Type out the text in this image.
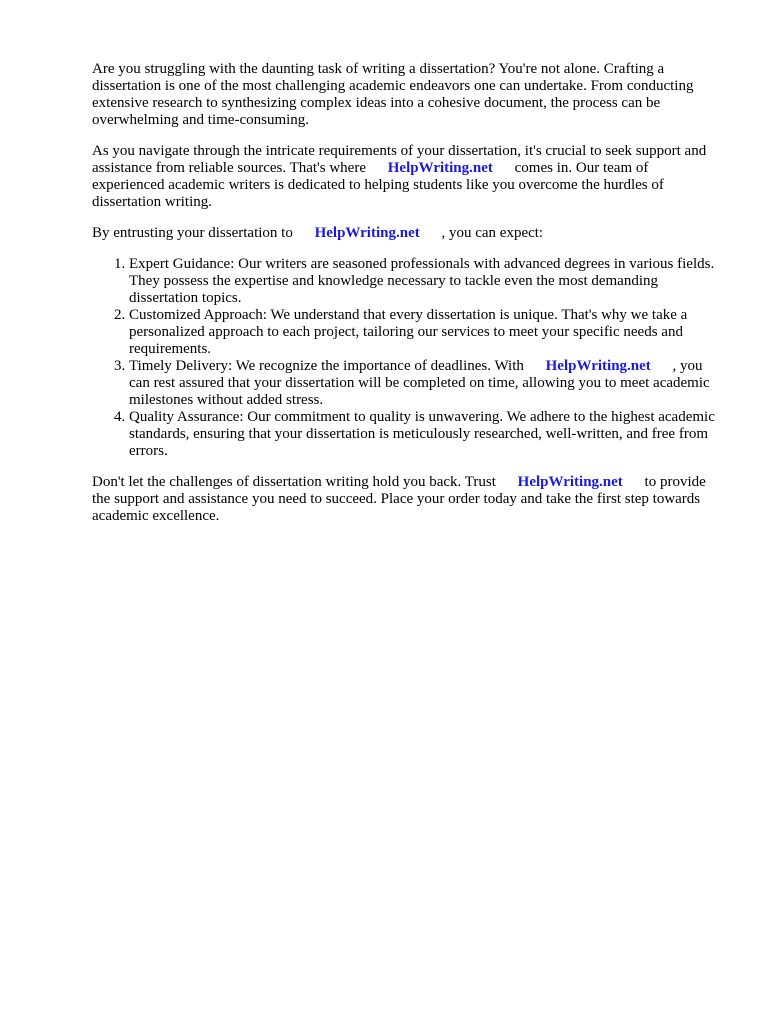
Are you struggling with the daunting task of writing a dissertation? You're not alone. Crafting a dissertation is one of the most challenging academic endeavors one can undertake. From conducting extensive research to synthesizing complex ideas into a cohesive document, the process can be overwhelming and time-consuming.

As you navigate through the intricate requirements of your dissertation, it's crucial to seek support and assistance from reliable sources. That's where HelpWriting.net comes in. Our team of experienced academic writers is dedicated to helping students like you overcome the hurdles of dissertation writing.

By entrusting your dissertation to HelpWriting.net , you can expect:

1. Expert Guidance: Our writers are seasoned professionals with advanced degrees in various fields. They possess the expertise and knowledge necessary to tackle even the most demanding dissertation topics.
2. Customized Approach: We understand that every dissertation is unique. That's why we take a personalized approach to each project, tailoring our services to meet your specific needs and requirements.
3. Timely Delivery: We recognize the importance of deadlines. With HelpWriting.net , you can rest assured that your dissertation will be completed on time, allowing you to meet academic milestones without added stress.
4. Quality Assurance: Our commitment to quality is unwavering. We adhere to the highest academic standards, ensuring that your dissertation is meticulously researched, well-written, and free from errors.

Don't let the challenges of dissertation writing hold you back. Trust HelpWriting.net to provide the support and assistance you need to succeed. Place your order today and take the first step towards academic excellence.
